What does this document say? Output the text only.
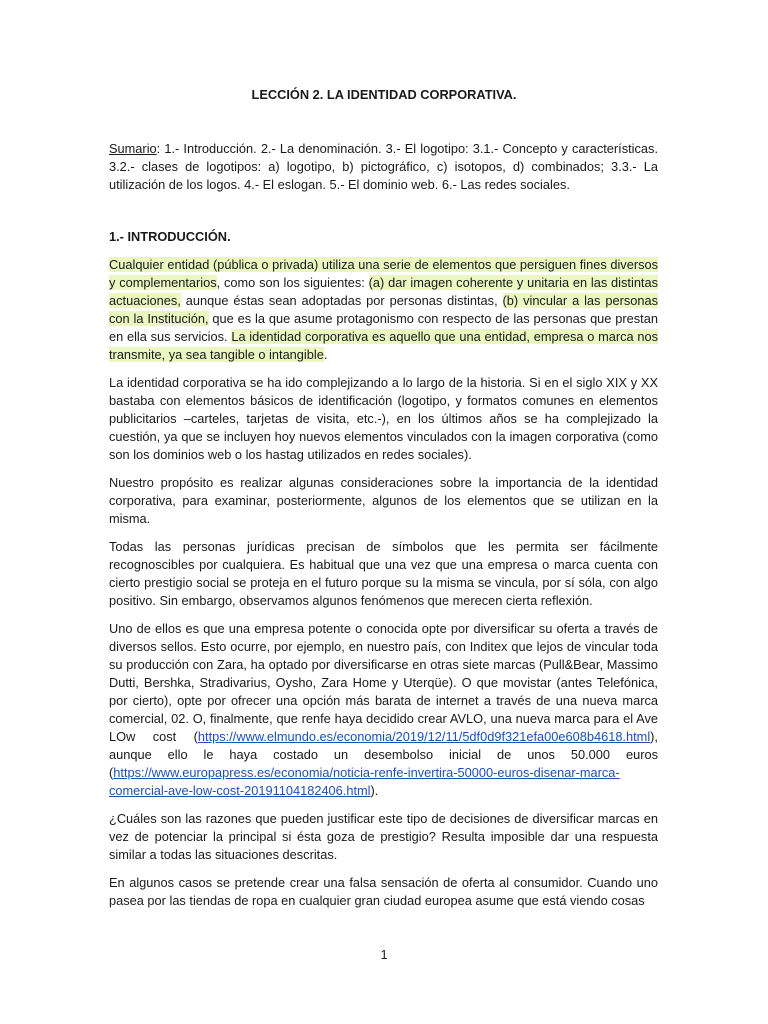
LECCIÓN 2. LA IDENTIDAD CORPORATIVA.

Sumario: 1.- Introducción. 2.- La denominación. 3.- El logotipo: 3.1.- Concepto y características. 3.2.- clases de logotipos: a) logotipo, b) pictográfico, c) isotopos, d) combinados; 3.3.- La utilización de los logos. 4.- El eslogan. 5.- El dominio web. 6.- Las redes sociales.

1.- INTRODUCCIÓN.

Cualquier entidad (pública o privada) utiliza una serie de elementos que persiguen fines diversos y complementarios, como son los siguientes: (a) dar imagen coherente y unitaria en las distintas actuaciones, aunque éstas sean adoptadas por personas distintas, (b) vincular a las personas con la Institución, que es la que asume protagonismo con respecto de las personas que prestan en ella sus servicios. La identidad corporativa es aquello que una entidad, empresa o marca nos transmite, ya sea tangible o intangible.

La identidad corporativa se ha ido complejizando a lo largo de la historia. Si en el siglo XIX y XX bastaba con elementos básicos de identificación (logotipo, y formatos comunes en elementos publicitarios –carteles, tarjetas de visita, etc.-), en los últimos años se ha complejizado la cuestión, ya que se incluyen hoy nuevos elementos vinculados con la imagen corporativa (como son los dominios web o los hastag utilizados en redes sociales).

Nuestro propósito es realizar algunas consideraciones sobre la importancia de la identidad corporativa, para examinar, posteriormente, algunos de los elementos que se utilizan en la misma.

Todas las personas jurídicas precisan de símbolos que les permita ser fácilmente recognoscibles por cualquiera. Es habitual que una vez que una empresa o marca cuenta con cierto prestigio social se proteja en el futuro porque su la misma se vincula, por sí sóla, con algo positivo. Sin embargo, observamos algunos fenómenos que merecen cierta reflexión.

Uno de ellos es que una empresa potente o conocida opte por diversificar su oferta a través de diversos sellos. Esto ocurre, por ejemplo, en nuestro país, con Inditex que lejos de vincular toda su producción con Zara, ha optado por diversificarse en otras siete marcas (Pull&Bear, Massimo Dutti, Bershka, Stradivarius, Oysho, Zara Home y Uterqüe). O que movistar (antes Telefónica, por cierto), opte por ofrecer una opción más barata de internet a través de una nueva marca comercial, 02. O, finalmente, que renfe haya decidido crear AVLO, una nueva marca para el Ave LOw cost (https://www.elmundo.es/economia/2019/12/11/5df0d9f321efa00e608b4618.html), aunque ello le haya costado un desembolso inicial de unos 50.000 euros (https://www.europapress.es/economia/noticia-renfe-invertira-50000-euros-disenar-marca-comercial-ave-low-cost-20191104182406.html).

¿Cuáles son las razones que pueden justificar este tipo de decisiones de diversificar marcas en vez de potenciar la principal si ésta goza de prestigio? Resulta imposible dar una respuesta similar a todas las situaciones descritas.

En algunos casos se pretende crear una falsa sensación de oferta al consumidor. Cuando uno pasea por las tiendas de ropa en cualquier gran ciudad europea asume que está viendo cosas

1
